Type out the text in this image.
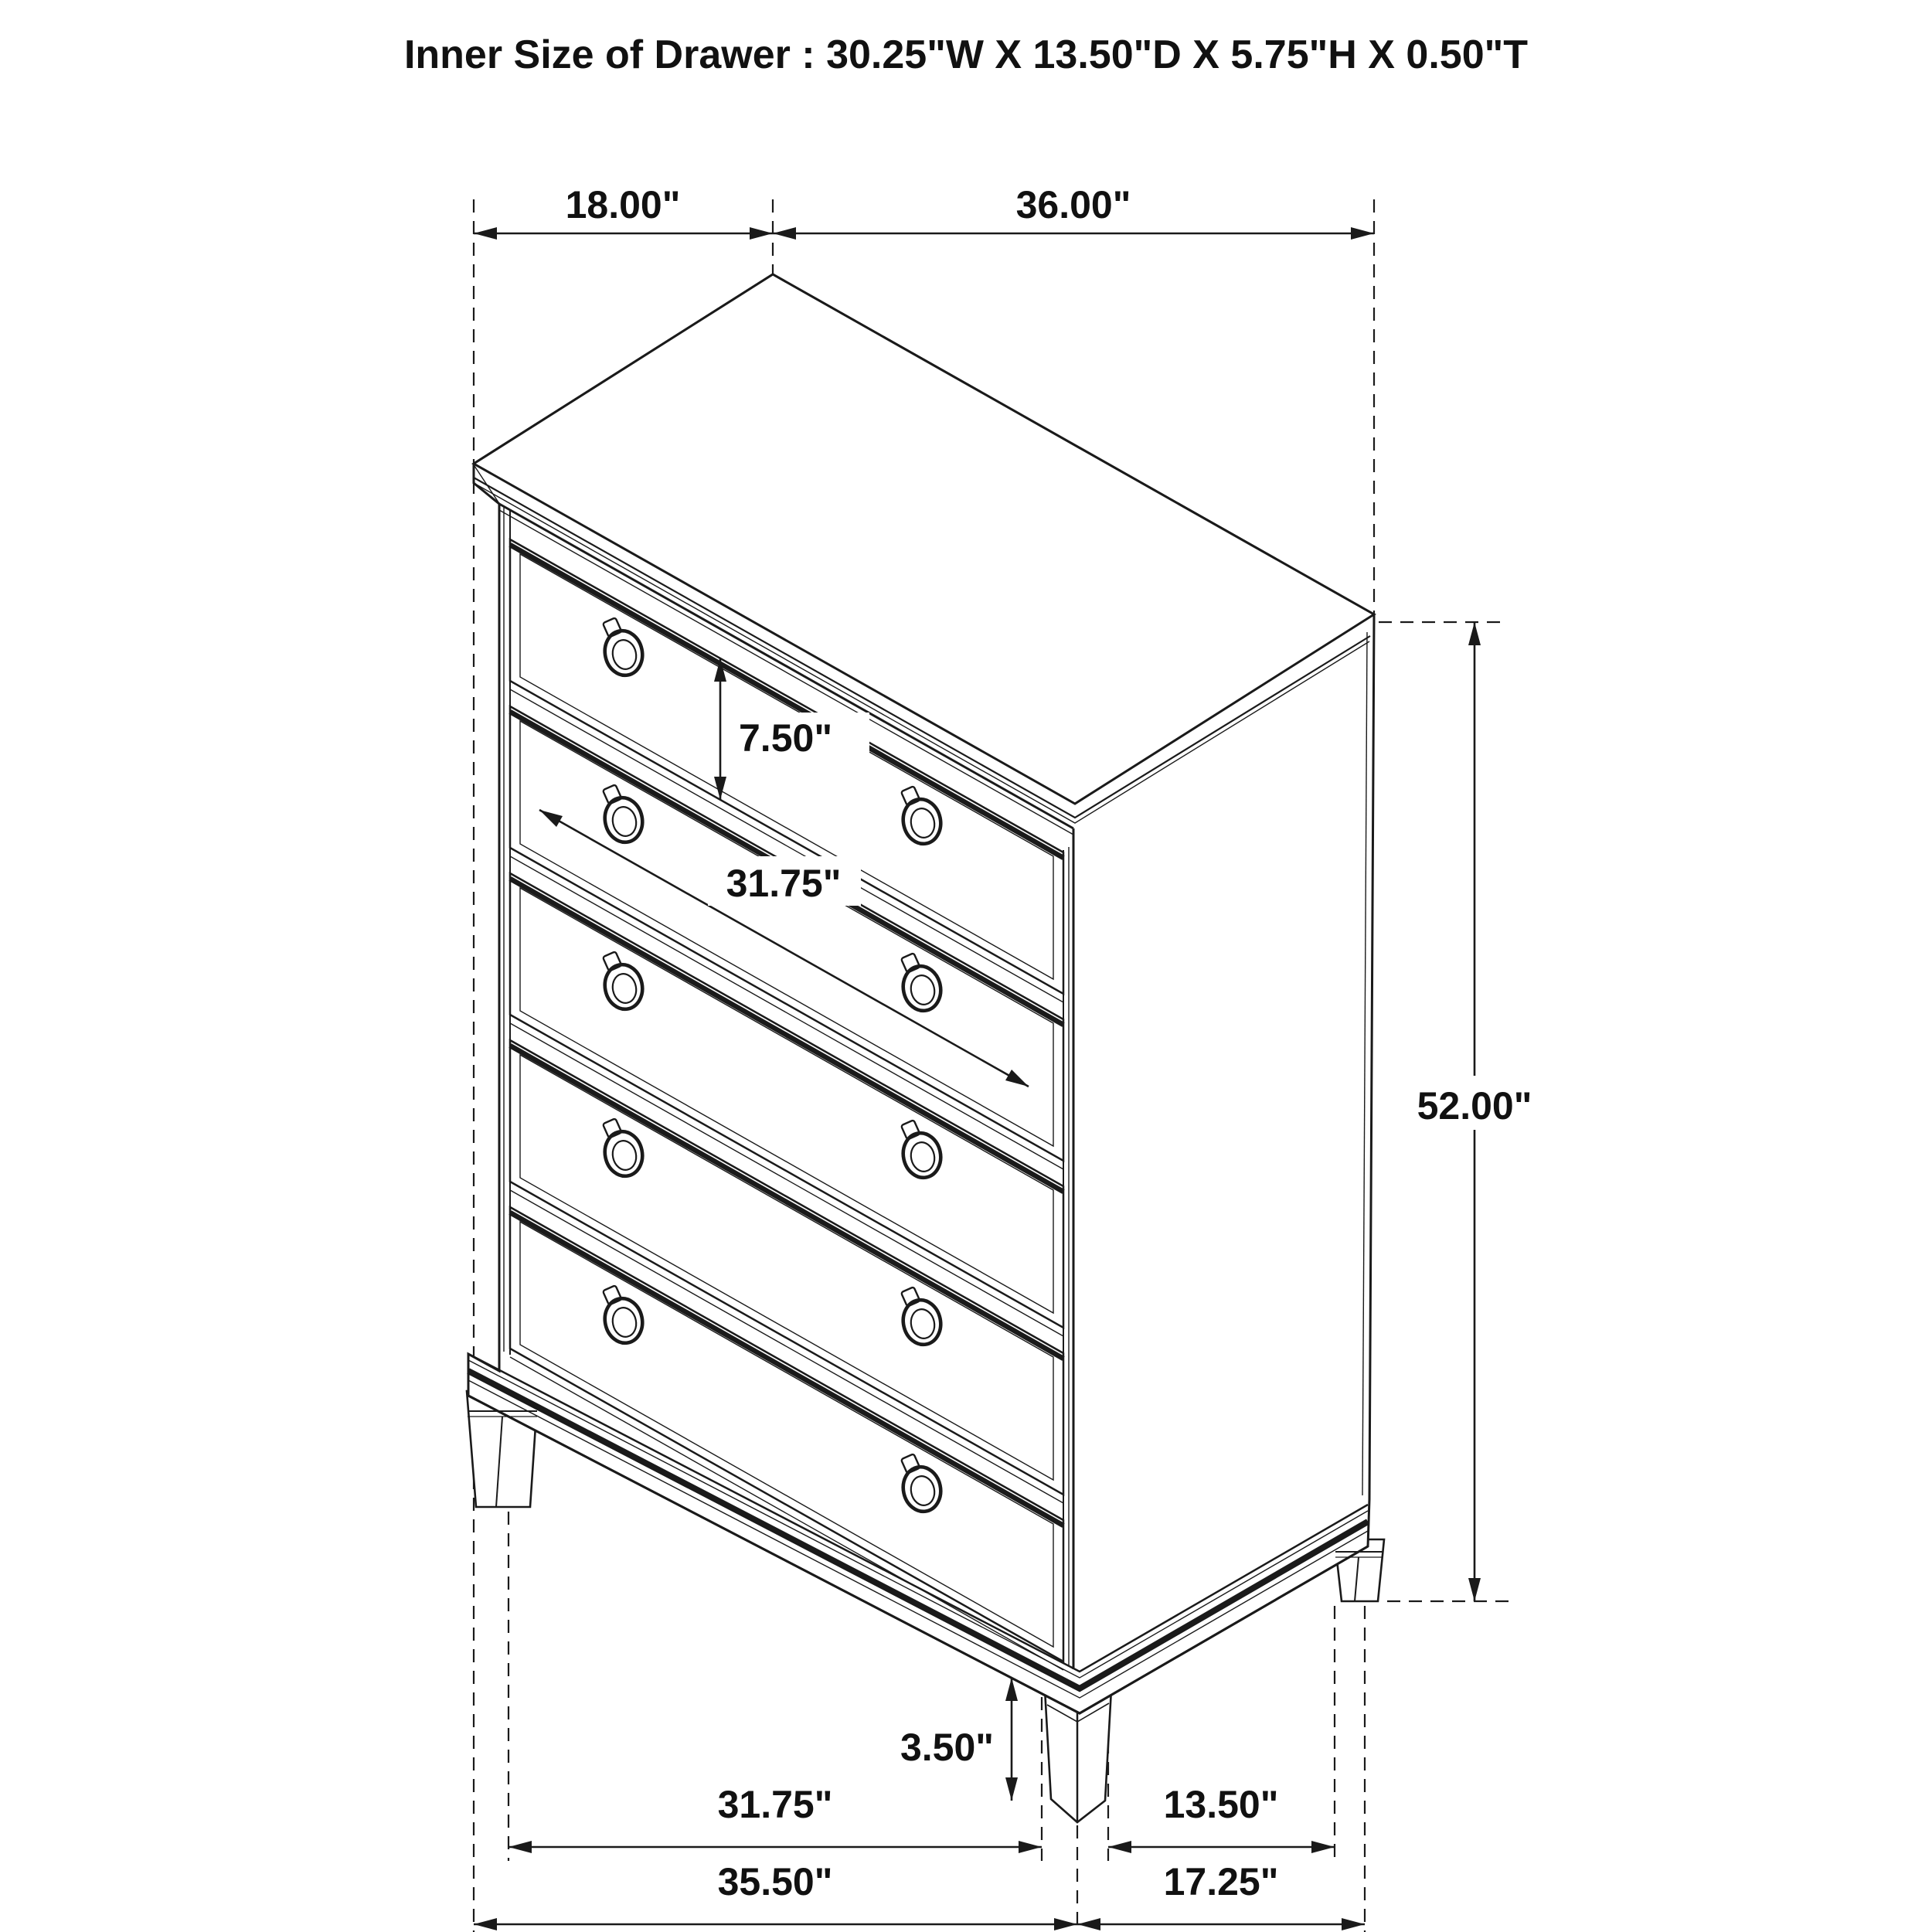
Inner Size of Drawer : 30.25"W X 13.50"D X 5.75"H X 0.50"T
18.00"	36.00"
7.50"
31.75"
52.00"
3.50"
31.75"	13.50"
35.50"	17.25"
